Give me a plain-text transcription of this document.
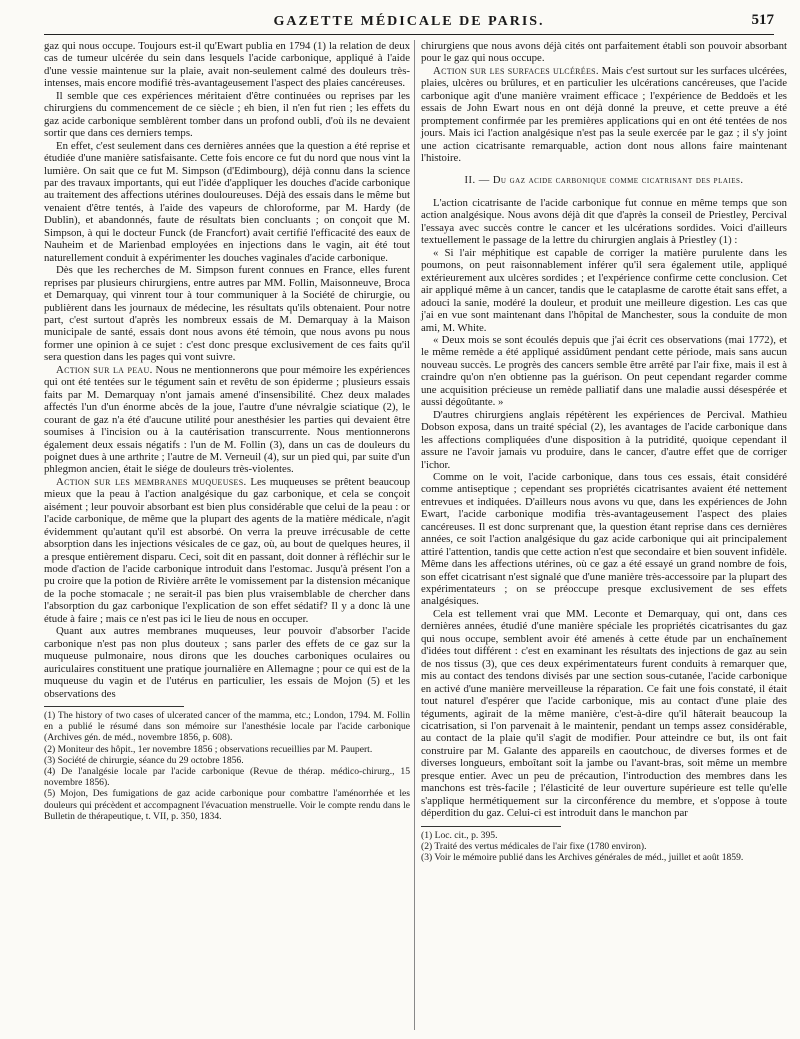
GAZETTE MÉDICALE DE PARIS.	517

gaz qui nous occupe. Toujours est-il qu'Ewart publia en 1794 (1) la relation de deux cas de tumeur ulcérée du sein dans lesquels l'acide carbonique, appliqué à l'aide d'une vessie maintenue sur la plaie, avait non-seulement calmé des douleurs très-intenses, mais encore modifié très-avantageusement l'aspect des plaies cancéreuses.

Il semble que ces expériences méritaient d'être continuées ou reprises par les chirurgiens du commencement de ce siècle ; eh bien, il n'en fut rien ; les effets du gaz acide carbonique semblèrent tomber dans un profond oubli, d'où ils ne devaient sortir que dans ces derniers temps.

En effet, c'est seulement dans ces dernières années que la question a été reprise et étudiée d'une manière satisfaisante. Cette fois encore ce fut du nord que nous vint la lumière. On sait que ce fut M. Simpson (d'Edimbourg), déjà connu dans la science par des travaux importants, qui eut l'idée d'appliquer les douches d'acide carbonique au traitement des affections utérines douloureuses. Déjà des essais dans le même but venaient d'être tentés, à l'aide des vapeurs de chloroforme, par M. Hardy (de Dublin), et abandonnés, faute de résultats bien concluants ; on conçoit que M. Simpson, à qui le docteur Funck (de Francfort) avait certifié l'efficacité des eaux de Nauheim et de Marienbad employées en injections dans le vagin, ait été tout naturellement conduit à expérimenter les douches vaginales d'acide carbonique.

Dès que les recherches de M. Simpson furent connues en France, elles furent reprises par plusieurs chirurgiens, entre autres par MM. Follin, Maisonneuve, Broca et Demarquay, qui vinrent tour à tour communiquer à la Société de chirurgie, ou publièrent dans les journaux de médecine, les résultats qu'ils obtenaient. Pour notre part, c'est surtout d'après les nombreux essais de M. Demarquay à la Maison municipale de santé, essais dont nous avons été témoin, que nous avons pu nous former une opinion à ce sujet : c'est donc presque exclusivement de ces faits qu'il sera question dans les pages qui vont suivre.

Action sur la peau. Nous ne mentionnerons que pour mémoire les expériences qui ont été tentées sur le tégument sain et revêtu de son épiderme ; plusieurs essais faits par M. Demarquay n'ont jamais amené d'insensibilité. Chez deux malades affectés l'un d'un énorme abcès de la joue, l'autre d'une névralgie sciatique (2), le courant de gaz n'a été d'aucune utilité pour anesthésier les parties qui devaient être soumises à l'incision ou à la cautérisation transcurrente. Nous mentionnerons également deux essais négatifs : l'un de M. Follin (3), dans un cas de douleurs du poignet dues à une arthrite ; l'autre de M. Verneuil (4), sur un pied qui, par suite d'un phlegmon ancien, était le siége de douleurs très-violentes.

Action sur les membranes muqueuses. Les muqueuses se prêtent beaucoup mieux que la peau à l'action analgésique du gaz carbonique, et cela se conçoit aisément ; leur pouvoir absorbant est bien plus considérable que celui de la peau : or l'acide carbonique, de même que la plupart des agents de la matière médicale, n'agit évidemment qu'autant qu'il est absorbé. On verra la preuve irrécusable de cette absorption dans les injections vésicales de ce gaz, où, au bout de quelques heures, il a presque entièrement disparu. Ceci, soit dit en passant, doit donner à réfléchir sur le mode d'action de l'acide carbonique introduit dans l'estomac. Jusqu'à présent l'on a pu croire que la potion de Rivière arrête le vomissement par la distension mécanique de la poche stomacale ; ne serait-il pas bien plus vraisemblable de chercher dans l'absorption du gaz carbonique l'explication de son effet sédatif? Il y a donc là une étude à faire ; mais ce n'est pas ici le lieu de nous en occuper.

Quant aux autres membranes muqueuses, leur pouvoir d'absorber l'acide carbonique n'est pas non plus douteux ; sans parler des effets de ce gaz sur la muqueuse pulmonaire, nous dirons que les douches carboniques oculaires ou auriculaires constituent une pratique journalière en Allemagne ; pour ce qui est de la muqueuse du vagin et de l'utérus en particulier, les essais de Mojon (5) et les observations des

(1) The history of two cases of ulcerated cancer of the mamma, etc.; London, 1794. M. Follin en a publié le résumé dans son mémoire sur l'anesthésie locale par l'acide carbonique (Archives gén. de méd., novembre 1856, p. 608).

(2) Moniteur des hôpit., 1er novembre 1856 ; observations recueillies par M. Paupert.

(3) Société de chirurgie, séance du 29 octobre 1856.

(4) De l'analgésie locale par l'acide carbonique (Revue de thérap. médico-chirurg., 15 novembre 1856).

(5) Mojon, Des fumigations de gaz acide carbonique pour combattre l'aménorrhée et les douleurs qui précèdent et accompagnent l'évacuation menstruelle. Voir le compte rendu dans le Bulletin de thérapeutique, t. VII, p. 350, 1834.

chirurgiens que nous avons déjà cités ont parfaitement établi son pouvoir absorbant pour le gaz qui nous occupe.

Action sur les surfaces ulcérées. Mais c'est surtout sur les surfaces ulcérées, plaies, ulcères ou brûlures, et en particulier les ulcérations cancéreuses, que l'acide carbonique agit d'une manière vraiment efficace ; l'expérience de Beddoës et les essais de John Ewart nous en ont déjà donné la preuve, et cette preuve a été promptement confirmée par les premières applications qui en ont été tentées de nos jours. Mais ici l'action analgésique n'est pas la seule exercée par le gaz ; il s'y joint une action cicatrisante remarquable, action dont nous allons faire maintenant l'histoire.

II. — Du gaz acide carbonique comme cicatrisant des plaies.

L'action cicatrisante de l'acide carbonique fut connue en même temps que son action analgésique. Nous avons déjà dit que d'après la conseil de Priestley, Percival l'essaya avec succès contre le cancer et les ulcérations sordides. Voici d'ailleurs textuellement le passage de la lettre du chirurgien anglais à Priestley (1) :

« Si l'air méphitique est capable de corriger la matière purulente dans les poumons, on peut raisonnablement inférer qu'il sera également utile, appliqué extérieurement aux ulcères sordides ; et l'expérience confirme cette conclusion. Cet air appliqué même à un cancer, tandis que le cataplasme de carotte était sans effet, a adouci la sanie, modéré la douleur, et produit une meilleure digestion. Les cas que j'ai en vue sont maintenant dans l'hôpital de Manchester, sous la conduite de mon ami, M. White.

« Deux mois se sont écoulés depuis que j'ai écrit ces observations (mai 1772), et le même remède a été appliqué assidûment pendant cette période, mais sans aucun nouveau succès. Le progrès des cancers semble être arrêté par l'air fixe, mais il est à craindre qu'on n'en obtienne pas la guérison. On peut cependant regarder comme une acquisition précieuse un remède palliatif dans une maladie aussi désespérée et aussi dégoûtante. »

D'autres chirurgiens anglais répétèrent les expériences de Percival. Mathieu Dobson exposa, dans un traité spécial (2), les avantages de l'acide carbonique dans les affections compliquées d'une disposition à la putridité, quoique cependant il assure ne l'avoir jamais vu produire, dans le cancer, d'autre effet que de corriger l'ichor.

Comme on le voit, l'acide carbonique, dans tous ces essais, était considéré comme antiseptique ; cependant ses propriétés cicatrisantes avaient été nettement entrevues et indiquées. D'ailleurs nous avons vu que, dans les expériences de John Ewart, l'acide carbonique modifia très-avantageusement l'aspect des plaies cancéreuses. Il est donc surprenant que, la question étant reprise dans ces dernières années, ce soit l'action analgésique du gaz acide carbonique qui ait principalement attiré l'attention, tandis que cette action n'est que secondaire et bien souvent infidèle. Même dans les affections utérines, où ce gaz a été essayé un grand nombre de fois, son effet cicatrisant n'est signalé que d'une manière très-accessoire par la plupart des expérimentateurs ; on se préoccupe presque exclusivement de ses effets analgésiques.

Cela est tellement vrai que MM. Leconte et Demarquay, qui ont, dans ces dernières années, étudié d'une manière spéciale les propriétés cicatrisantes du gaz qui nous occupe, semblent avoir été amenés à cette étude par un enchaînement d'idées tout différent : c'est en examinant les résultats des injections de gaz au sein de nos tissus (3), que ces deux expérimentateurs furent conduits à remarquer que, mis au contact des tendons divisés par une section sous-cutanée, l'acide carbonique en activé d'une manière merveilleuse la réparation. Ce fait une fois constaté, il était tout naturel d'espérer que l'acide carbonique, mis au contact d'une plaie des téguments, agirait de la même manière, c'est-à-dire qu'il hâterait beaucoup la cicatrisation, si l'on parvenait à le maintenir, pendant un temps assez considérable, au contact de la plaie qu'il s'agit de modifier. Pour atteindre ce but, ils ont fait construire par M. Galante des appareils en caoutchouc, de diverses formes et de diverses longueurs, emboîtant soit la jambe ou l'avant-bras, soit même un membre presque entier. Avec un peu de précaution, l'introduction des membres dans les manchons est très-facile ; l'élasticité de leur ouverture supérieure est telle qu'elle s'applique hermétiquement sur la circonférence du membre, et s'oppose à toute déperdition du gaz. Celui-ci est introduit dans le manchon par

(1) Loc. cit., p. 395.

(2) Traité des vertus médicales de l'air fixe (1780 environ).

(3) Voir le mémoire publié dans les Archives générales de méd., juillet et août 1859.
